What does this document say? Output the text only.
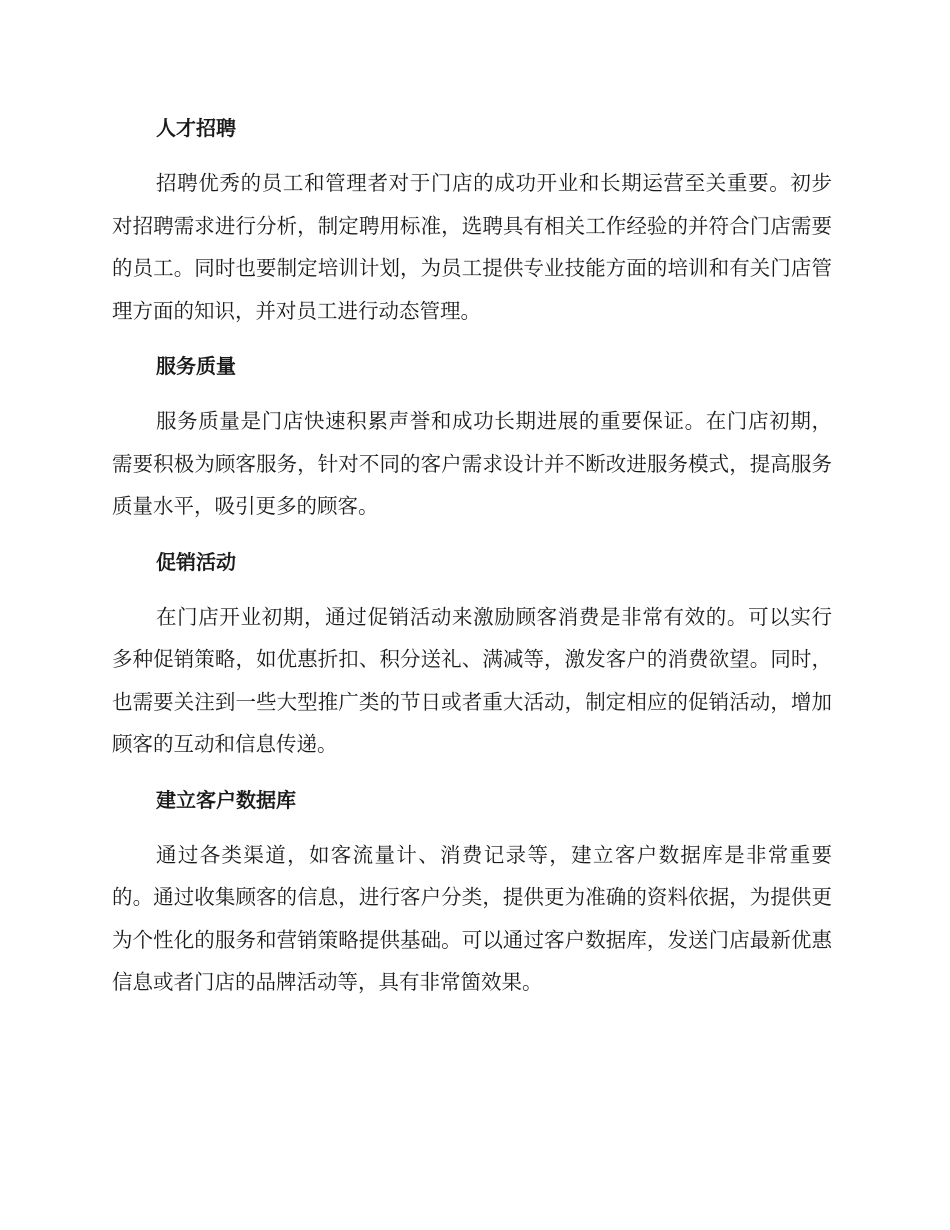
人才招聘

招聘优秀的员工和管理者对于门店的成功开业和长期运营至关重要。初步对招聘需求进行分析，制定聘用标准，选聘具有相关工作经验的并符合门店需要的员工。同时也要制定培训计划，为员工提供专业技能方面的培训和有关门店管理方面的知识，并对员工进行动态管理。

服务质量

服务质量是门店快速积累声誉和成功长期进展的重要保证。在门店初期，需要积极为顾客服务，针对不同的客户需求设计并不断改进服务模式，提高服务质量水平，吸引更多的顾客。

促销活动

在门店开业初期，通过促销活动来激励顾客消费是非常有效的。可以实行多种促销策略，如优惠折扣、积分送礼、满减等，激发客户的消费欲望。同时，也需要关注到一些大型推广类的节日或者重大活动，制定相应的促销活动，增加顾客的互动和信息传递。

建立客户数据库

通过各类渠道，如客流量计、消费记录等，建立客户数据库是非常重要的。通过收集顾客的信息，进行客户分类，提供更为准确的资料依据，为提供更为个性化的服务和营销策略提供基础。可以通过客户数据库，发送门店最新优惠信息或者门店的品牌活动等，具有非常箇效果。
